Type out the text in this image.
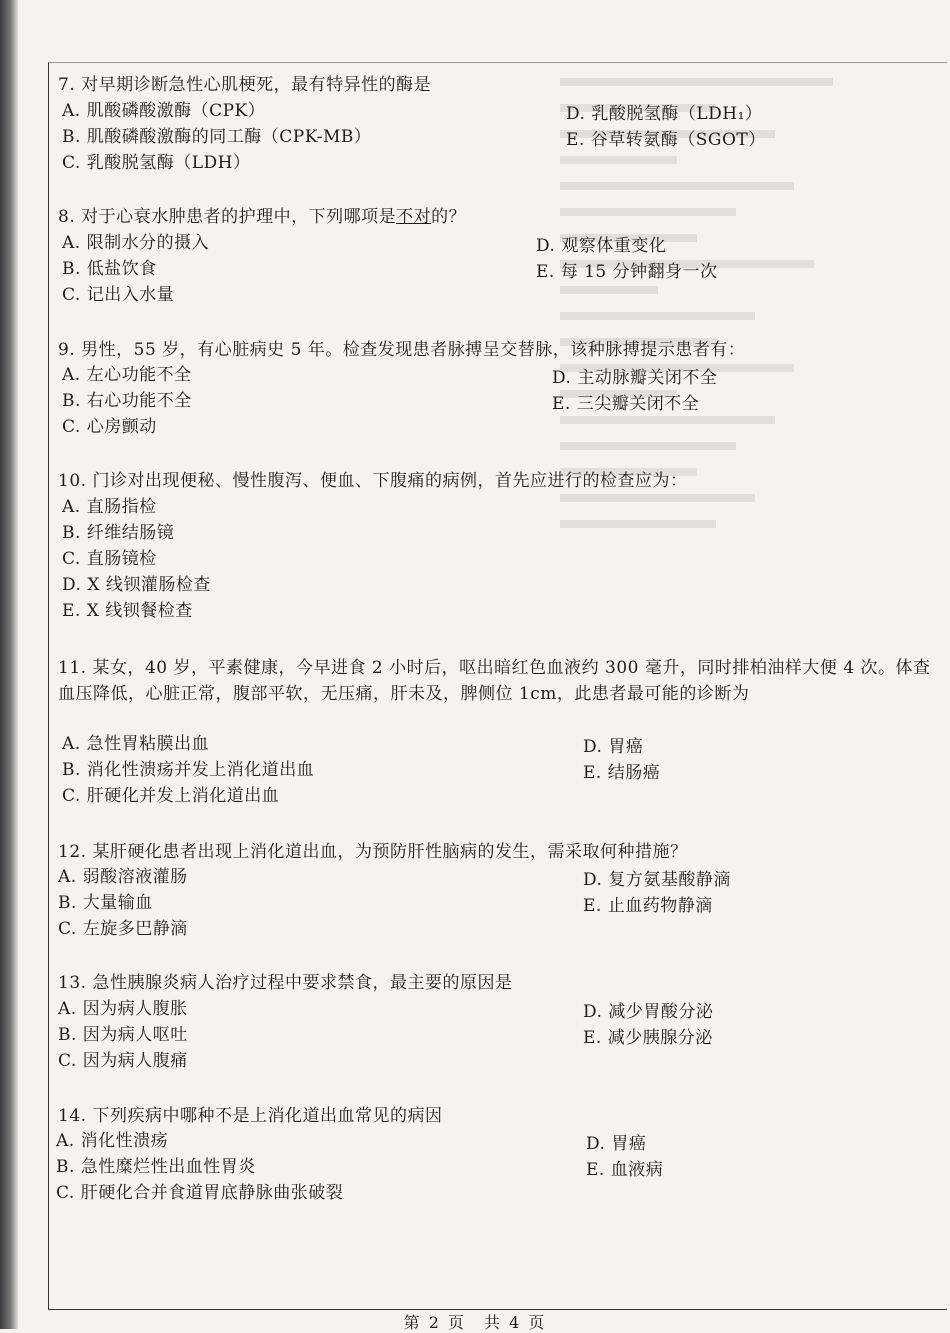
7. 对早期诊断急性心肌梗死，最有特异性的酶是
A. 肌酸磷酸激酶（CPK）
B. 肌酸磷酸激酶的同工酶（CPK-MB）
C. 乳酸脱氢酶（LDH）
D. 乳酸脱氢酶（LDH₁）
E. 谷草转氨酶（SGOT）
8. 对于心衰水肿患者的护理中，下列哪项是不对的？
A. 限制水分的摄入
B. 低盐饮食
C. 记出入水量
D. 观察体重变化
E. 每 15 分钟翻身一次
9. 男性，55 岁，有心脏病史 5 年。检查发现患者脉搏呈交替脉，该种脉搏提示患者有：
A. 左心功能不全
B. 右心功能不全
C. 心房颤动
D. 主动脉瓣关闭不全
E. 三尖瓣关闭不全
10. 门诊对出现便秘、慢性腹泻、便血、下腹痛的病例，首先应进行的检查应为：
A. 直肠指检
B. 纤维结肠镜
C. 直肠镜检
D. X 线钡灌肠检查
E. X 线钡餐检查
11. 某女，40 岁，平素健康，今早进食 2 小时后，呕出暗红色血液约 300 毫升，同时排柏油样大便 4 次。体查血压降低，心脏正常，腹部平软，无压痛，肝未及，脾侧位 1cm，此患者最可能的诊断为
A. 急性胃粘膜出血
B. 消化性溃疡并发上消化道出血
C. 肝硬化并发上消化道出血
D. 胃癌
E. 结肠癌
12. 某肝硬化患者出现上消化道出血，为预防肝性脑病的发生，需采取何种措施？
A. 弱酸溶液灌肠
B. 大量输血
C. 左旋多巴静滴
D. 复方氨基酸静滴
E. 止血药物静滴
13. 急性胰腺炎病人治疗过程中要求禁食，最主要的原因是
A. 因为病人腹胀
B. 因为病人呕吐
C. 因为病人腹痛
D. 减少胃酸分泌
E. 减少胰腺分泌
14. 下列疾病中哪种不是上消化道出血常见的病因
A. 消化性溃疡
B. 急性糜烂性出血性胃炎
C. 肝硬化合并食道胃底静脉曲张破裂
D. 胃癌
E. 血液病
第 2 页　共 4 页
